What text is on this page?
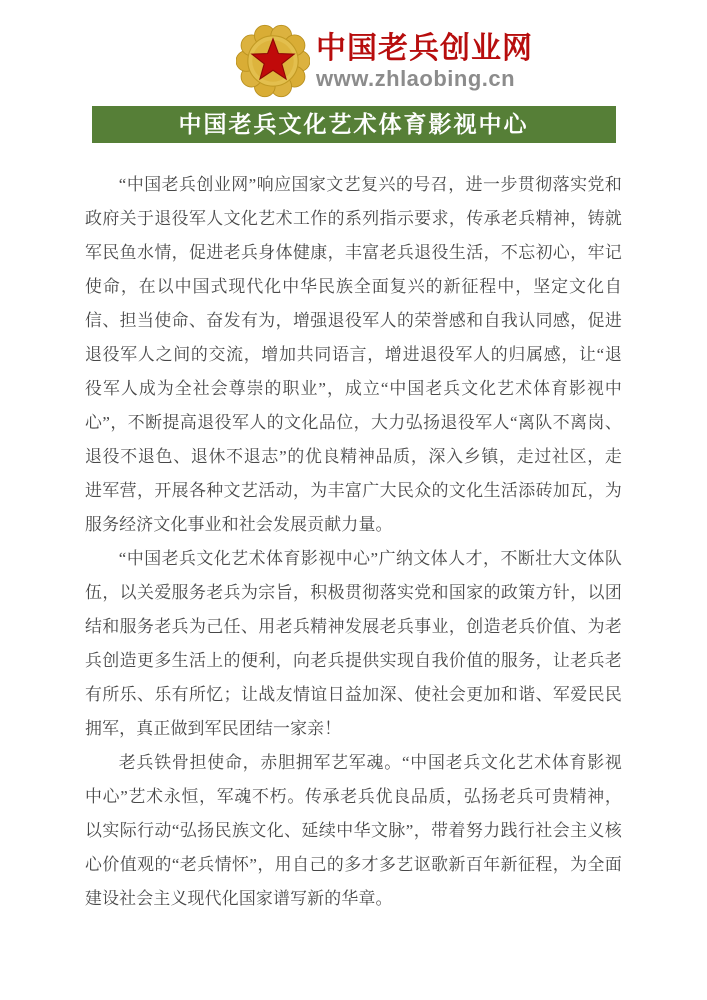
中国老兵创业网
www.zhlaobing.cn
中国老兵文化艺术体育影视中心

“中国老兵创业网”响应国家文艺复兴的号召，进一步贯彻落实党和政府关于退役军人文化艺术工作的系列指示要求，传承老兵精神，铸就军民鱼水情，促进老兵身体健康，丰富老兵退役生活，不忘初心，牢记使命，在以中国式现代化中华民族全面复兴的新征程中，坚定文化自信、担当使命、奋发有为，增强退役军人的荣誉感和自我认同感，促进退役军人之间的交流，增加共同语言，增进退役军人的归属感，让“退役军人成为全社会尊崇的职业”，成立“中国老兵文化艺术体育影视中心”，不断提高退役军人的文化品位，大力弘扬退役军人“离队不离岗、退役不退色、退休不退志”的优良精神品质，深入乡镇，走过社区，走进军营，开展各种文艺活动，为丰富广大民众的文化生活添砖加瓦，为服务经济文化事业和社会发展贡献力量。

“中国老兵文化艺术体育影视中心”广纳文体人才，不断壮大文体队伍，以关爱服务老兵为宗旨，积极贯彻落实党和国家的政策方针，以团结和服务老兵为己任、用老兵精神发展老兵事业，创造老兵价值、为老兵创造更多生活上的便利，向老兵提供实现自我价值的服务，让老兵老有所乐、乐有所忆；让战友情谊日益加深、使社会更加和谐、军爱民民拥军，真正做到军民团结一家亲！

老兵铁骨担使命，赤胆拥军艺军魂。“中国老兵文化艺术体育影视中心”艺术永恒，军魂不朽。传承老兵优良品质，弘扬老兵可贵精神，以实际行动“弘扬民族文化、延续中华文脉”，带着努力践行社会主义核心价值观的“老兵情怀”，用自己的多才多艺讴歌新百年新征程，为全面建设社会主义现代化国家谱写新的华章。
